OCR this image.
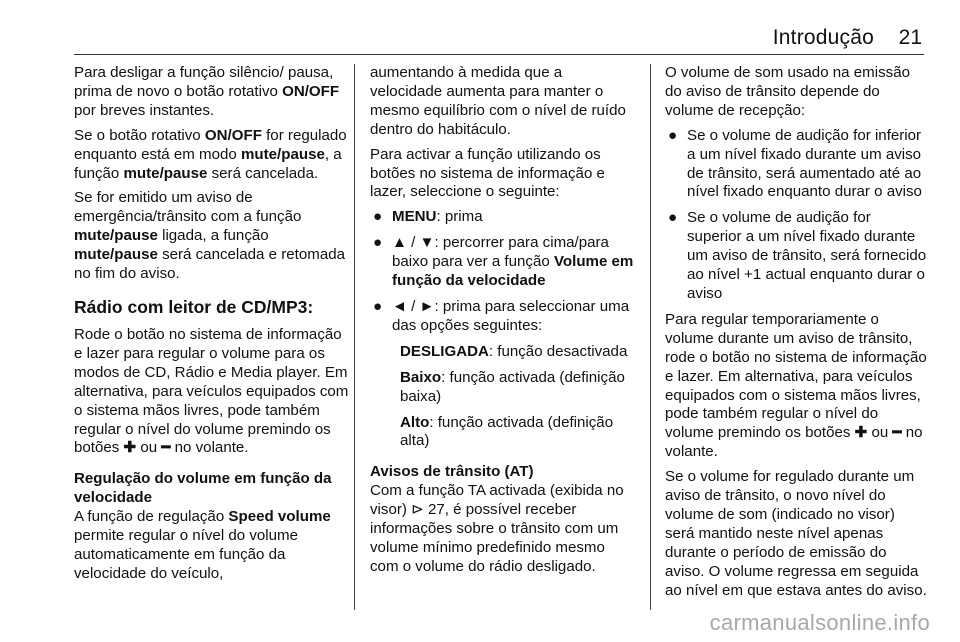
Introdução 21

Para desligar a função silêncio/ pausa, prima de novo o botão rotativo ON/OFF por breves instantes.

Se o botão rotativo ON/OFF for regulado enquanto está em modo mute/pause, a função mute/pause será cancelada.

Se for emitido um aviso de emergência/trânsito com a função mute/pause ligada, a função mute/pause será cancelada e retomada no fim do aviso.

Rádio com leitor de CD/MP3:

Rode o botão no sistema de informação e lazer para regular o volume para os modos de CD, Rádio e Media player. Em alternativa, para veículos equipados com o sistema mãos livres, pode também regular o nível do volume premindo os botões ✚ ou ━ no volante.

Regulação do volume em função da velocidade

A função de regulação Speed volume permite regular o nível do volume automaticamente em função da velocidade do veículo,

aumentando à medida que a velocidade aumenta para manter o mesmo equilíbrio com o nível de ruído dentro do habitáculo.

Para activar a função utilizando os botões no sistema de informação e lazer, seleccione o seguinte:

● MENU: prima
● ▲ / ▼: percorrer para cima/para baixo para ver a função Volume em função da velocidade
● ◄ / ►: prima para seleccionar uma das opções seguintes:

DESLIGADA: função desactivada

Baixo: função activada (definição baixa)

Alto: função activada (definição alta)

Avisos de trânsito (AT)

Com a função TA activada (exibida no visor) ⊳ 27, é possível receber informações sobre o trânsito com um volume mínimo predefinido mesmo com o volume do rádio desligado.

O volume de som usado na emissão do aviso de trânsito depende do volume de recepção:

● Se o volume de audição for inferior a um nível fixado durante um aviso de trânsito, será aumentado até ao nível fixado enquanto durar o aviso
● Se o volume de audição for superior a um nível fixado durante um aviso de trânsito, será fornecido ao nível +1 actual enquanto durar o aviso

Para regular temporariamente o volume durante um aviso de trânsito, rode o botão no sistema de informação e lazer. Em alternativa, para veículos equipados com o sistema mãos livres, pode também regular o nível do volume premindo os botões ✚ ou ━ no volante.

Se o volume for regulado durante um aviso de trânsito, o novo nível do volume de som (indicado no visor) será mantido neste nível apenas durante o período de emissão do aviso. O volume regressa em seguida ao nível em que estava antes do aviso.

carmanualsonline.info
